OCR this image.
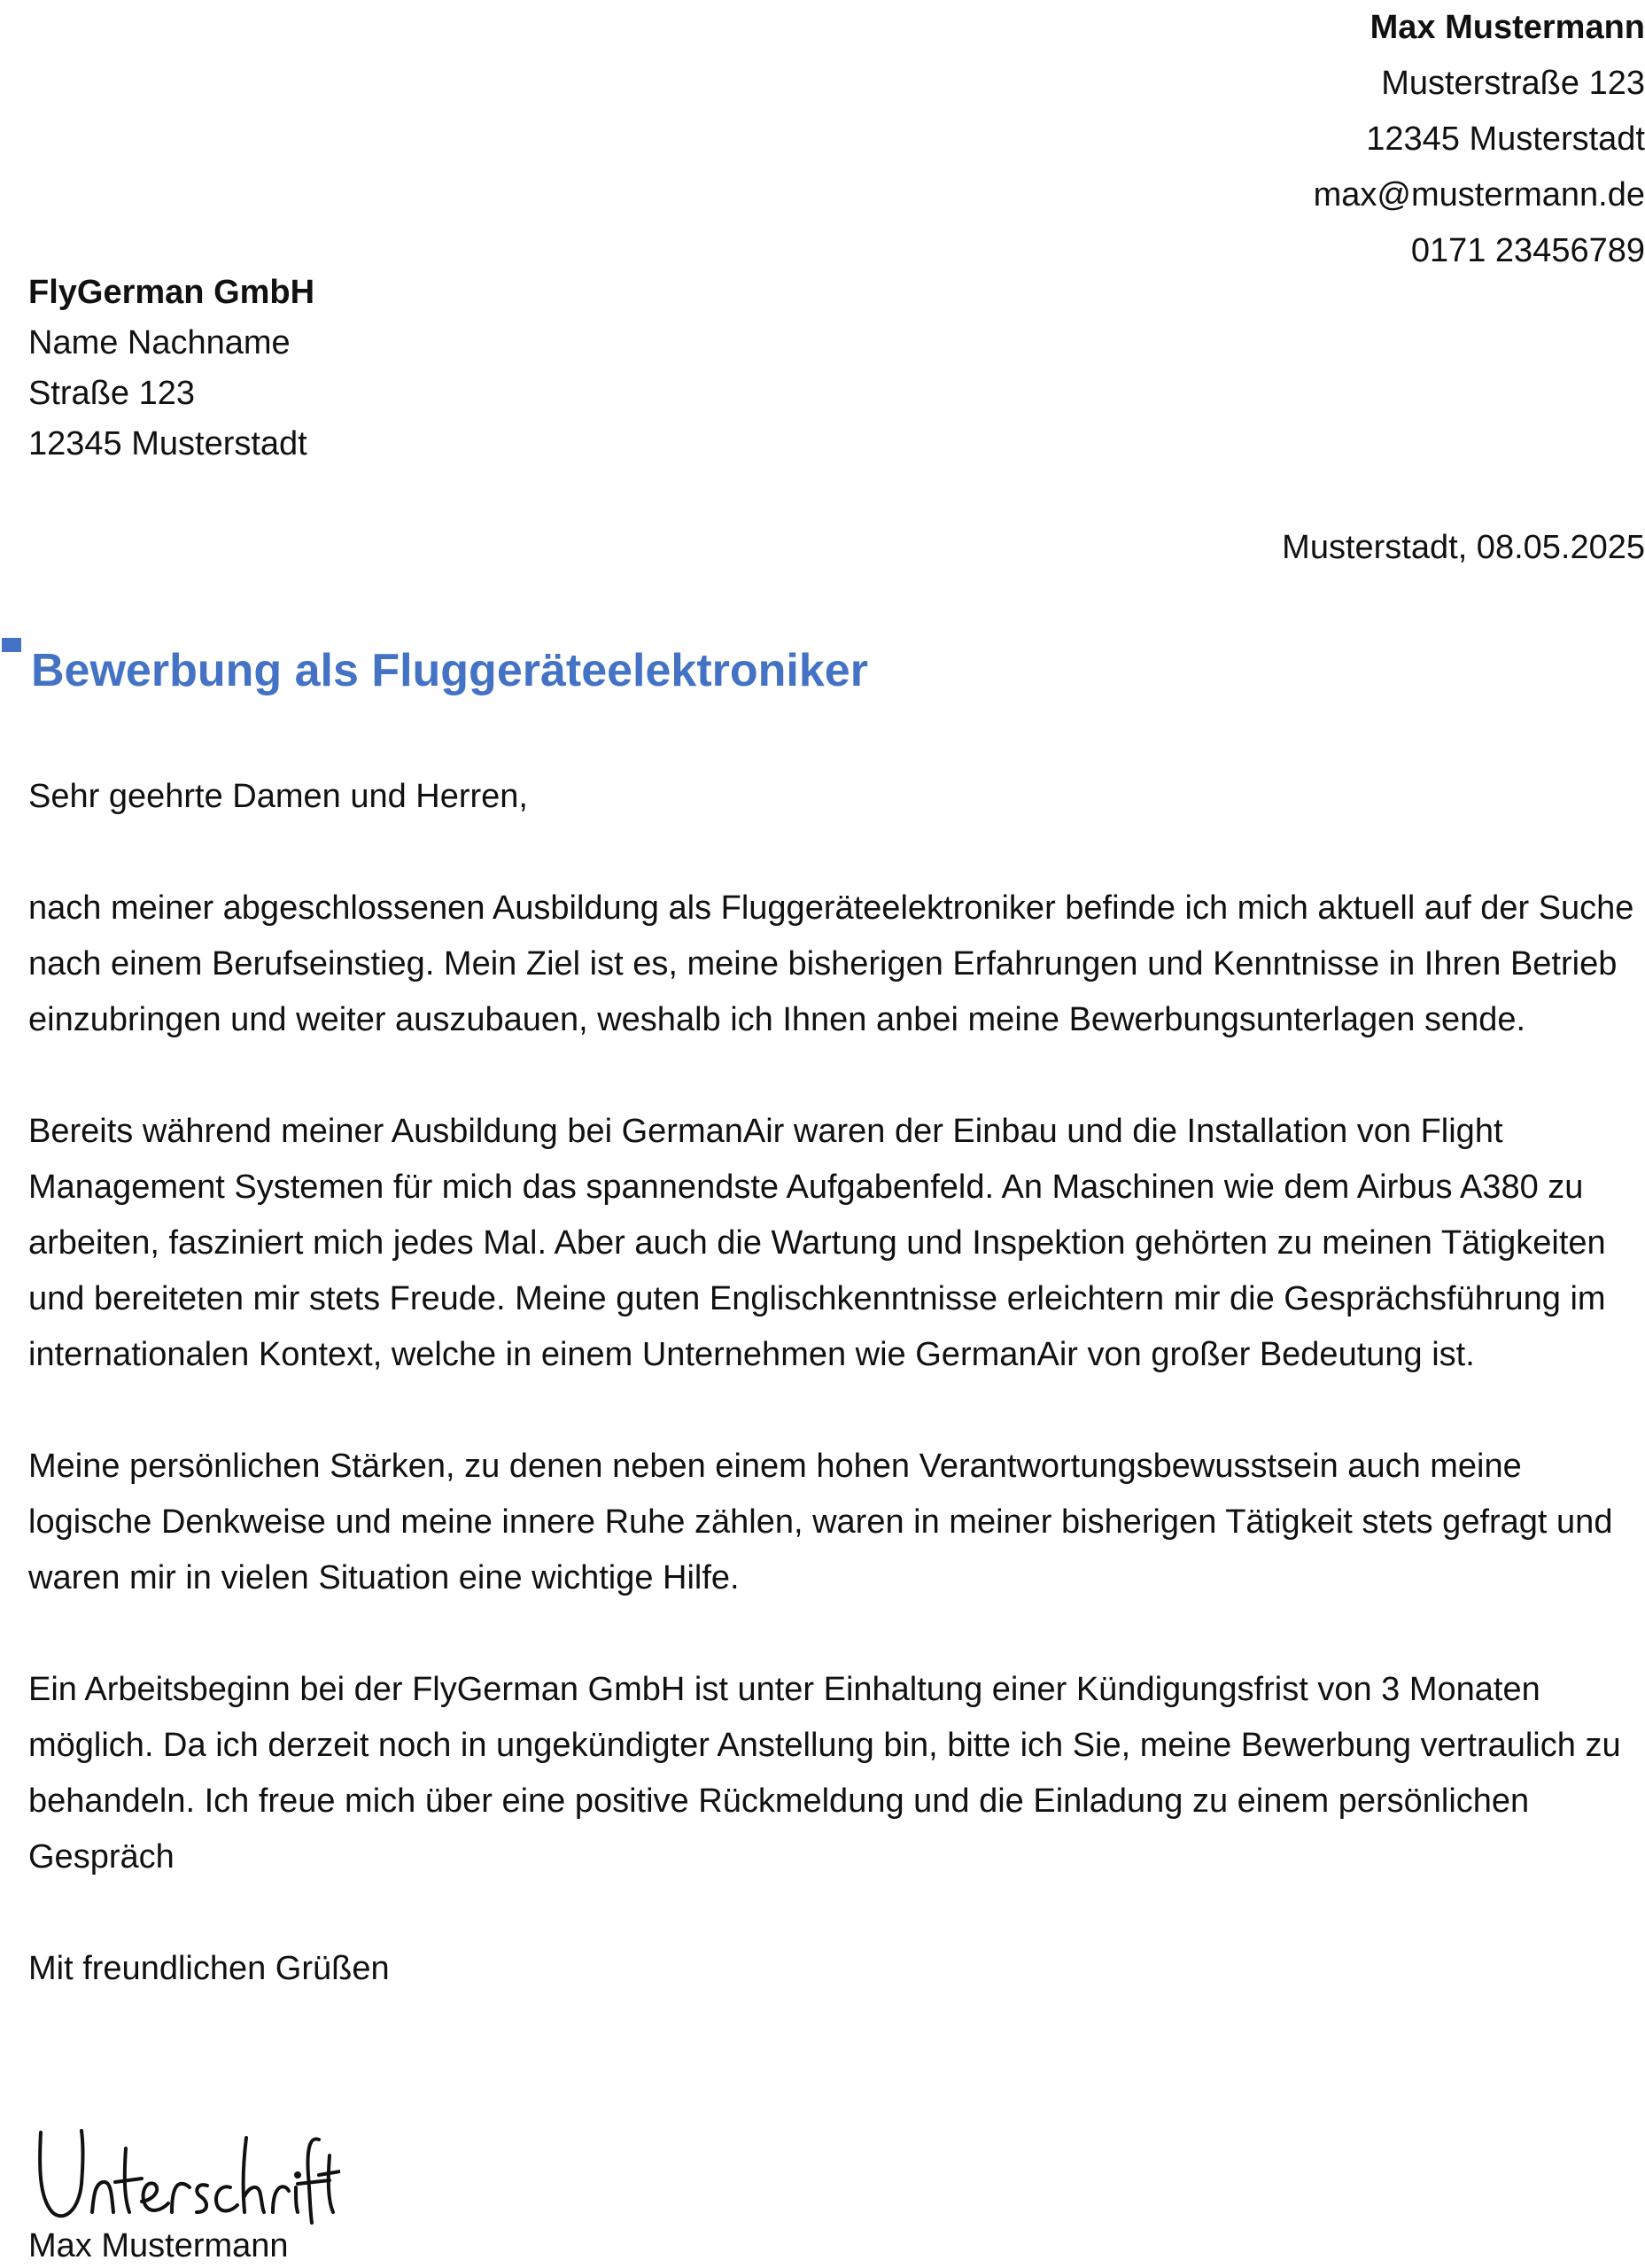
Max Mustermann
Musterstraße 123
12345 Musterstadt
max@mustermann.de
0171 23456789
FlyGerman GmbH
Name Nachname
Straße 123
12345 Musterstadt
Musterstadt, 08.05.2025
Bewerbung als Fluggeräteelektroniker

Sehr geehrte Damen und Herren,

nach meiner abgeschlossenen Ausbildung als Fluggeräteelektroniker befinde ich mich aktuell auf der Suche nach einem Berufseinstieg. Mein Ziel ist es, meine bisherigen Erfahrungen und Kenntnisse in Ihren Betrieb einzubringen und weiter auszubauen, weshalb ich Ihnen anbei meine Bewerbungsunterlagen sende.

Bereits während meiner Ausbildung bei GermanAir waren der Einbau und die Installation von Flight Management Systemen für mich das spannendste Aufgabenfeld. An Maschinen wie dem Airbus A380 zu arbeiten, fasziniert mich jedes Mal. Aber auch die Wartung und Inspektion gehörten zu meinen Tätigkeiten und bereiteten mir stets Freude. Meine guten Englischkenntnisse erleichtern mir die Gesprächsführung im internationalen Kontext, welche in einem Unternehmen wie GermanAir von großer Bedeutung ist.

Meine persönlichen Stärken, zu denen neben einem hohen Verantwortungsbewusstsein auch meine logische Denkweise und meine innere Ruhe zählen, waren in meiner bisherigen Tätigkeit stets gefragt und waren mir in vielen Situation eine wichtige Hilfe.

Ein Arbeitsbeginn bei der FlyGerman GmbH ist unter Einhaltung einer Kündigungsfrist von 3 Monaten möglich. Da ich derzeit noch in ungekündigter Anstellung bin, bitte ich Sie, meine Bewerbung vertraulich zu behandeln. Ich freue mich über eine positive Rückmeldung und die Einladung zu einem persönlichen Gespräch

Mit freundlichen Grüßen

Max Mustermann
